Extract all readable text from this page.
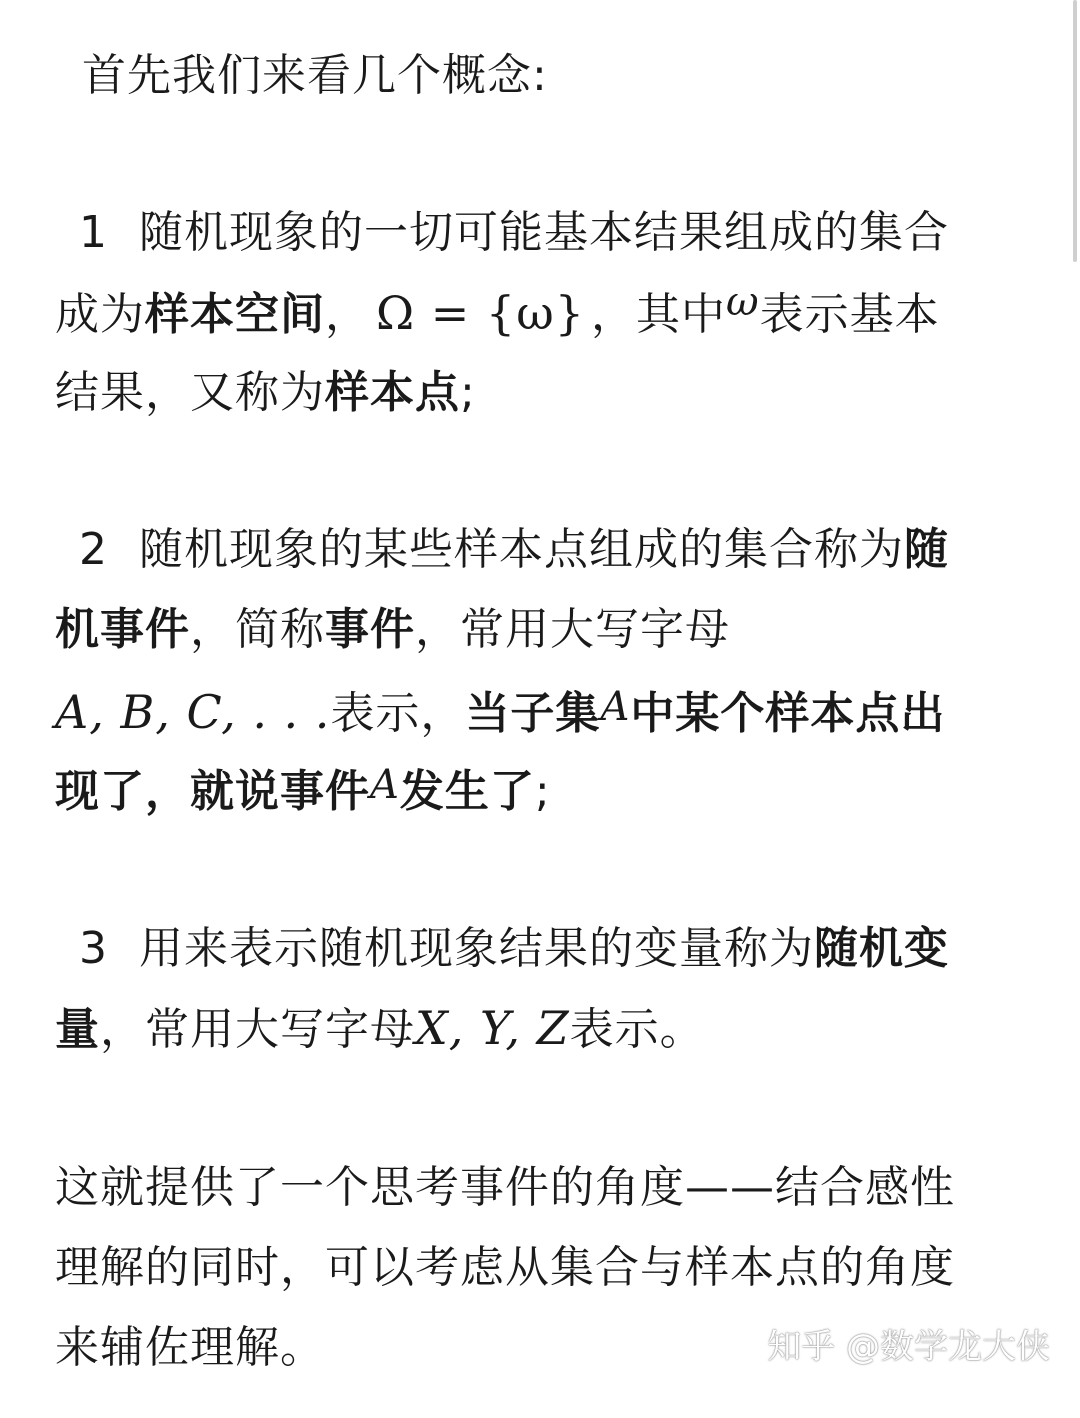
首先我们来看几个概念:
1 随机现象的一切可能基本结果组成的集合
成为样本空间， Ω = {ω} ，其中ω表示基本
结果，又称为样本点;
2 随机现象的某些样本点组成的集合称为随
机事件，简称事件，常用大写字母
A, B, C, . . .表示，当子集A中某个样本点出
现了，就说事件A发生了;
3 用来表示随机现象结果的变量称为随机变
量，常用大写字母X, Y, Z表示。
这就提供了一个思考事件的角度——结合感性
理解的同时，可以考虑从集合与样本点的角度
来辅佐理解。	知乎 @数学龙大侠
